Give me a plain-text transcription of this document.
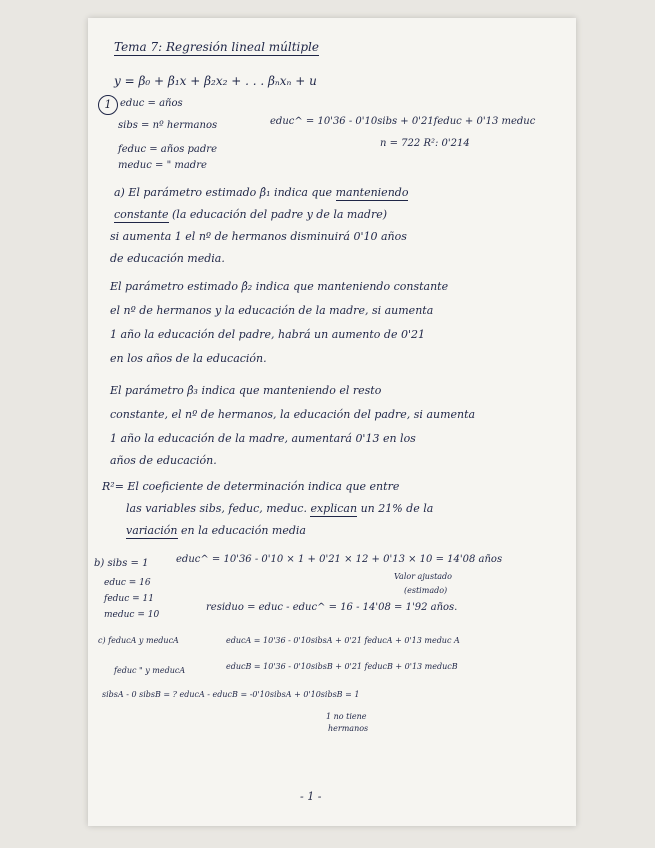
Tema 7: Regresión lineal múltiple
y = β₀ + β₁x + β₂x₂ + . . . βₙxₙ + u
1 educ = años
sibs = nº hermanos
feduc = años padre
meduc = " madre
educ^ = 10'36 - 0'10sibs + 0'21feduc + 0'13 meduc
n = 722 R²: 0'214
a) El parámetro estimado β̂₁ indica que manteniendo
constante (la educación del padre y de la madre)
si aumenta 1 el nº de hermanos disminuirá 0'10 años
de educación media.
El parámetro estimado β̂₂ indica que manteniendo constante
el nº de hermanos y la educación de la madre, si aumenta
1 año la educación del padre, habrá un aumento de 0'21
en los años de la educación.
El parámetro β̂₃ indica que manteniendo el resto
constante, el nº de hermanos, la educación del padre, si aumenta
1 año la educación de la madre, aumentará 0'13 en los
años de educación.
R²= El coeficiente de determinación indica que entre
las variables sibs, feduc, meduc. explican un 21% de la
variación en la educación media
b) sibs = 1
educ = 16
feduc = 11
meduc = 10
educ^ = 10'36 - 0'10 × 1 + 0'21 × 12 + 0'13 × 10 = 14'08 años
Valor ajustado
(estimado)
residuo = educ - educ^ = 16 - 14'08 = 1'92 años.
c) feducA y meducA	educA = 10'36 - 0'10sibsA + 0'21 feducA + 0'13 meduc A
feduc " y meducA	educB = 10'36 - 0'10sibsB + 0'21 feducB + 0'13 meducB
sibsA - 0 sibsB = ? educA - educB = -0'10sibsA + 0'10sibsB = 1
1 no tiene
hermanos
- 1 -
